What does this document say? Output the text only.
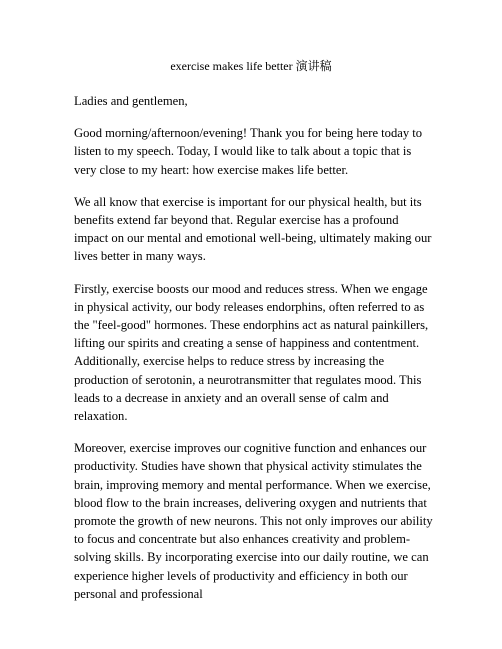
exercise makes life better 演讲稿

Ladies and gentlemen,

Good morning/afternoon/evening! Thank you for being here today to listen to my speech. Today, I would like to talk about a topic that is very close to my heart: how exercise makes life better.

We all know that exercise is important for our physical health, but its benefits extend far beyond that. Regular exercise has a profound impact on our mental and emotional well-being, ultimately making our lives better in many ways.

Firstly, exercise boosts our mood and reduces stress. When we engage in physical activity, our body releases endorphins, often referred to as the "feel-good" hormones. These endorphins act as natural painkillers, lifting our spirits and creating a sense of happiness and contentment. Additionally, exercise helps to reduce stress by increasing the production of serotonin, a neurotransmitter that regulates mood. This leads to a decrease in anxiety and an overall sense of calm and relaxation.

Moreover, exercise improves our cognitive function and enhances our productivity. Studies have shown that physical activity stimulates the brain, improving memory and mental performance. When we exercise, blood flow to the brain increases, delivering oxygen and nutrients that promote the growth of new neurons. This not only improves our ability to focus and concentrate but also enhances creativity and problem-solving skills. By incorporating exercise into our daily routine, we can experience higher levels of productivity and efficiency in both our personal and professional
